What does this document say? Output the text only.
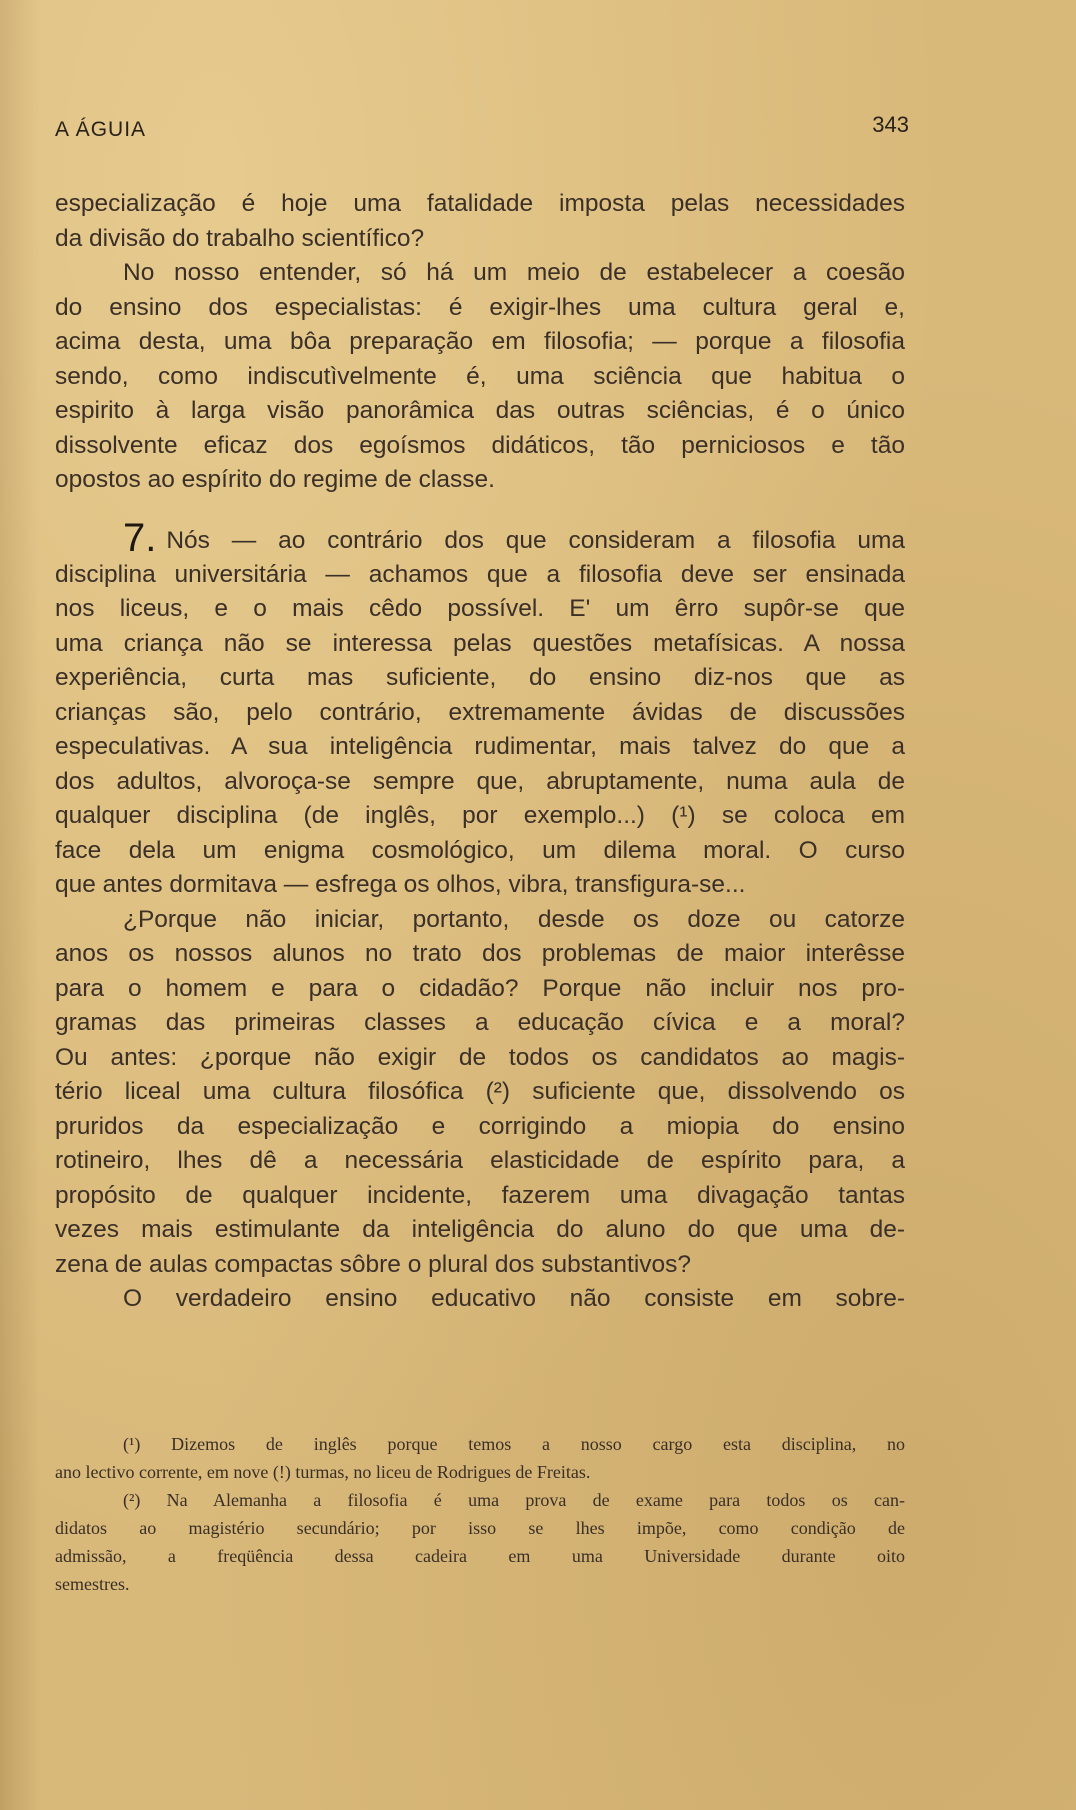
A ÁGUIA	343
especialização é hoje uma fatalidade imposta pelas necessidades
da divisão do trabalho scientífico?
No nosso entender, só há um meio de estabelecer a coesão
do ensino dos especialistas: é exigir-lhes uma cultura geral e,
acima desta, uma bôa preparação em filosofia; — porque a filosofia
sendo, como indiscutìvelmente é, uma sciência que habitua o
espirito à larga visão panorâmica das outras sciências, é o único
dissolvente eficaz dos egoísmos didáticos, tão perniciosos e tão
opostos ao espírito do regime de classe.
7. Nós — ao contrário dos que consideram a filosofia uma
disciplina universitária — achamos que a filosofia deve ser ensinada
nos liceus, e o mais cêdo possível. E' um êrro supôr-se que
uma criança não se interessa pelas questões metafísicas. A nossa
experiência, curta mas suficiente, do ensino diz-nos que as
crianças são, pelo contrário, extremamente ávidas de discussões
especulativas. A sua inteligência rudimentar, mais talvez do que a
dos adultos, alvoroça-se sempre que, abruptamente, numa aula de
qualquer disciplina (de inglês, por exemplo...) (¹) se coloca em
face dela um enigma cosmológico, um dilema moral. O curso
que antes dormitava — esfrega os olhos, vibra, transfigura-se...
¿Porque não iniciar, portanto, desde os doze ou catorze
anos os nossos alunos no trato dos problemas de maior interêsse
para o homem e para o cidadão? Porque não incluir nos pro-
gramas das primeiras classes a educação cívica e a moral?
Ou antes: ¿porque não exigir de todos os candidatos ao magis-
tério liceal uma cultura filosófica (²) suficiente que, dissolvendo os
pruridos da especialização e corrigindo a miopia do ensino
rotineiro, lhes dê a necessária elasticidade de espírito para, a
propósito de qualquer incidente, fazerem uma divagação tantas
vezes mais estimulante da inteligência do aluno do que uma de-
zena de aulas compactas sôbre o plural dos substantivos?
O verdadeiro ensino educativo não consiste em sobre-
(¹) Dizemos de inglês porque temos a nosso cargo esta disciplina, no
ano lectivo corrente, em nove (!) turmas, no liceu de Rodrigues de Freitas.
(²) Na Alemanha a filosofia é uma prova de exame para todos os can-
didatos ao magistério secundário; por isso se lhes impõe, como condição de
admissão, a freqüência dessa cadeira em uma Universidade durante oito
semestres.
